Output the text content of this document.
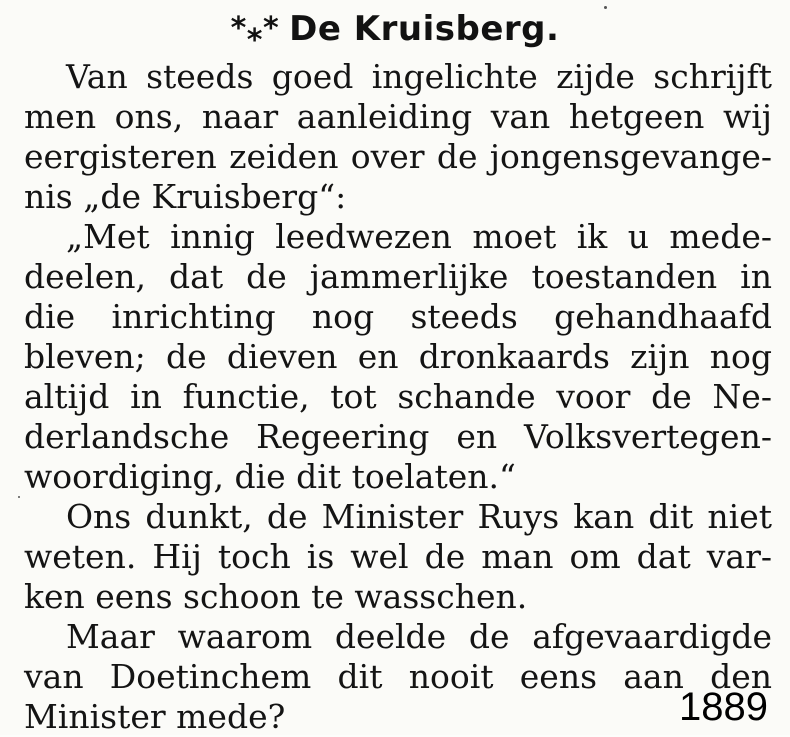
*** De Kruisberg.
Van steeds goed ingelichte zijde schrijft
men ons, naar aanleiding van hetgeen wij
eergisteren zeiden over de jongensgevange-
nis „de Kruisberg“:
„Met innig leedwezen moet ik u mede-
deelen, dat de jammerlijke toestanden in
die inrichting nog steeds gehandhaafd
bleven; de dieven en dronkaards zijn nog
altijd in functie, tot schande voor de Ne-
derlandsche Regeering en Volksvertegen-
woordiging, die dit toelaten.“
Ons dunkt, de Minister Ruys kan dit niet
weten. Hij toch is wel de man om dat var-
ken eens schoon te wasschen.
Maar waarom deelde de afgevaardigde
van Doetinchem dit nooit eens aan den
Minister mede?	1889
